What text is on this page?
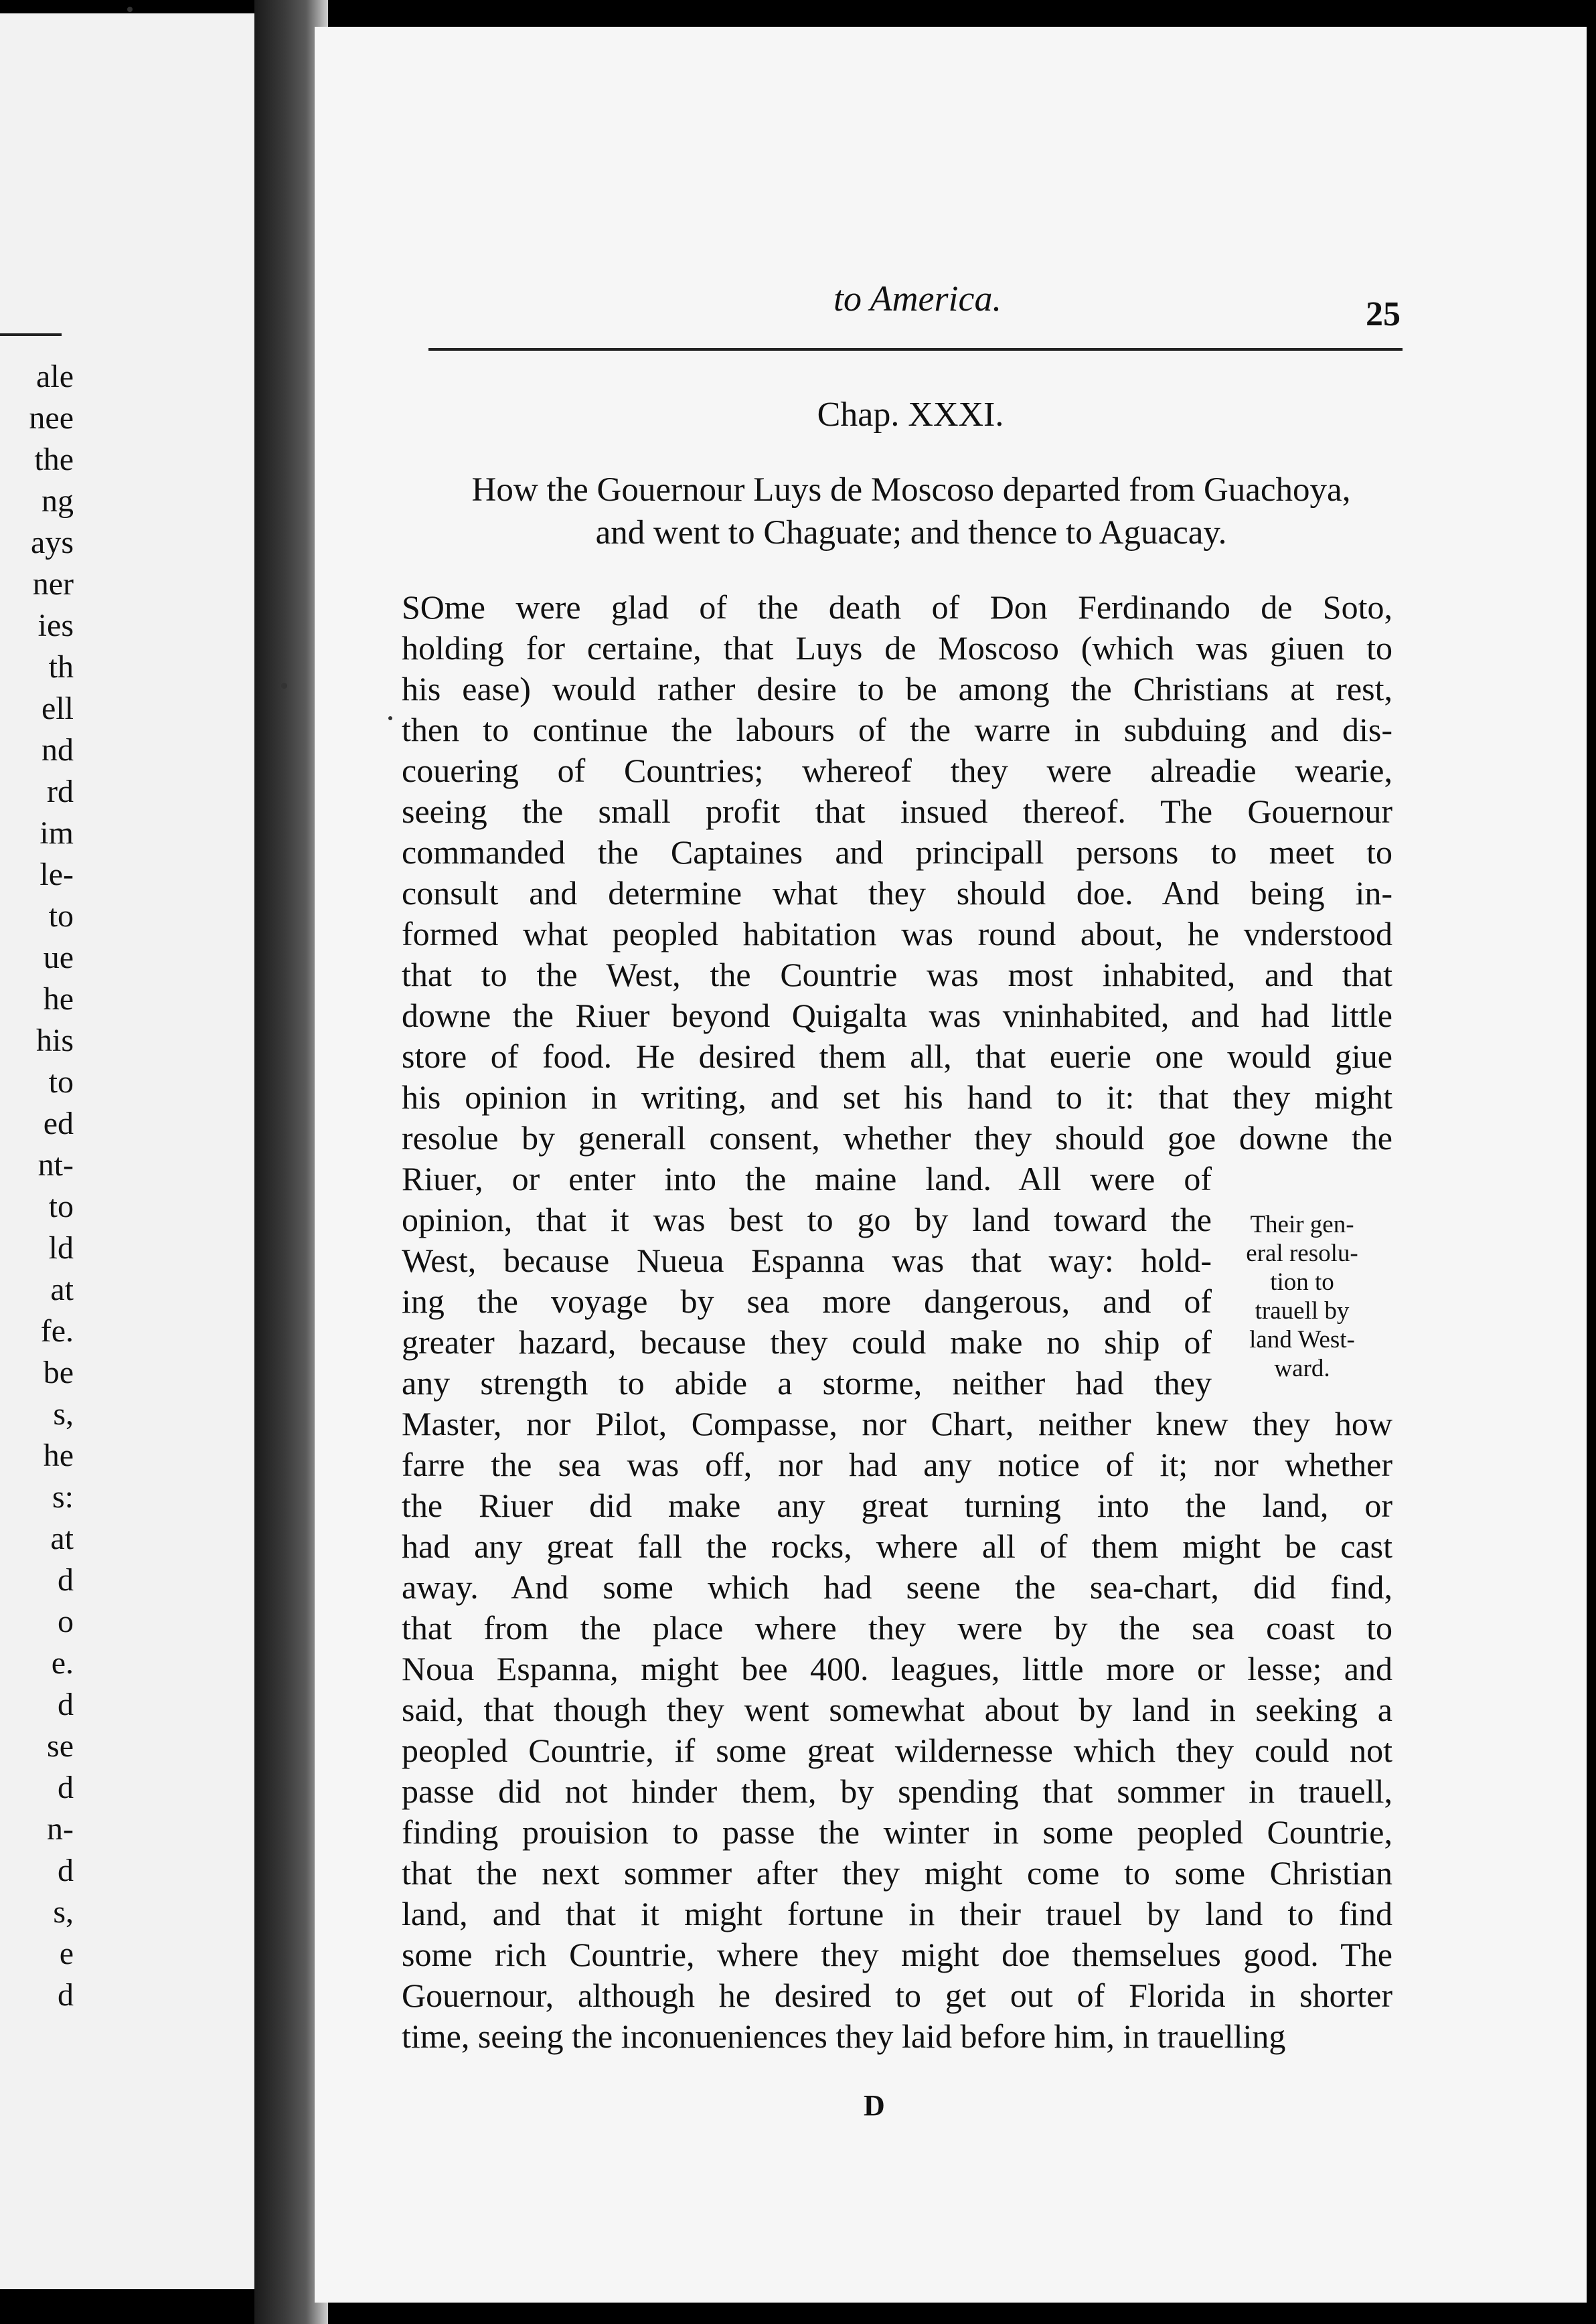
ale
nee
the
ng
ays
ner
ies
th
ell
nd
rd
im
le-
to
ue
he
his
to
ed
nt-
to
ld
at
fe.
be
s,
he
s:
at
d
o
e.
d
se
d
n-
d
s,
e
d
to America.	25
Chap. XXXI.
How the Gouernour Luys de Moscoso departed from Guachoya,
and went to Chaguate; and thence to Aguacay.
SOme were glad of the death of Don Ferdinando de Soto,
holding for certaine, that Luys de Moscoso (which was giuen to
his ease) would rather desire to be among the Christians at rest,
then to continue the labours of the warre in subduing and dis-
couering of Countries; whereof they were alreadie wearie,
seeing the small profit that insued thereof. The Gouernour
commanded the Captaines and principall persons to meet to
consult and determine what they should doe. And being in-
formed what peopled habitation was round about, he vnderstood
that to the West, the Countrie was most inhabited, and that
downe the Riuer beyond Quigalta was vninhabited, and had little
store of food. He desired them all, that euerie one would giue
his opinion in writing, and set his hand to it: that they might
resolue by generall consent, whether they should goe downe the
Riuer, or enter into the maine land. All were of
opinion, that it was best to go by land toward the
West, because Nueua Espanna was that way: hold-
ing the voyage by sea more dangerous, and of
greater hazard, because they could make no ship of
any strength to abide a storme, neither had they
Master, nor Pilot, Compasse, nor Chart, neither knew they how
farre the sea was off, nor had any notice of it; nor whether
the Riuer did make any great turning into the land, or
had any great fall the rocks, where all of them might be cast
away. And some which had seene the sea-chart, did find,
that from the place where they were by the sea coast to
Noua Espanna, might bee 400. leagues, little more or lesse; and
said, that though they went somewhat about by land in seeking a
peopled Countrie, if some great wildernesse which they could not
passe did not hinder them, by spending that sommer in trauell,
finding prouision to passe the winter in some peopled Countrie,
that the next sommer after they might come to some Christian
land, and that it might fortune in their trauel by land to find
some rich Countrie, where they might doe themselues good. The
Gouernour, although he desired to get out of Florida in shorter
time, seeing the inconueniences they laid before him, in trauelling
Their gen-
eral resolu-
tion to
trauell by
land West-
ward.
D
